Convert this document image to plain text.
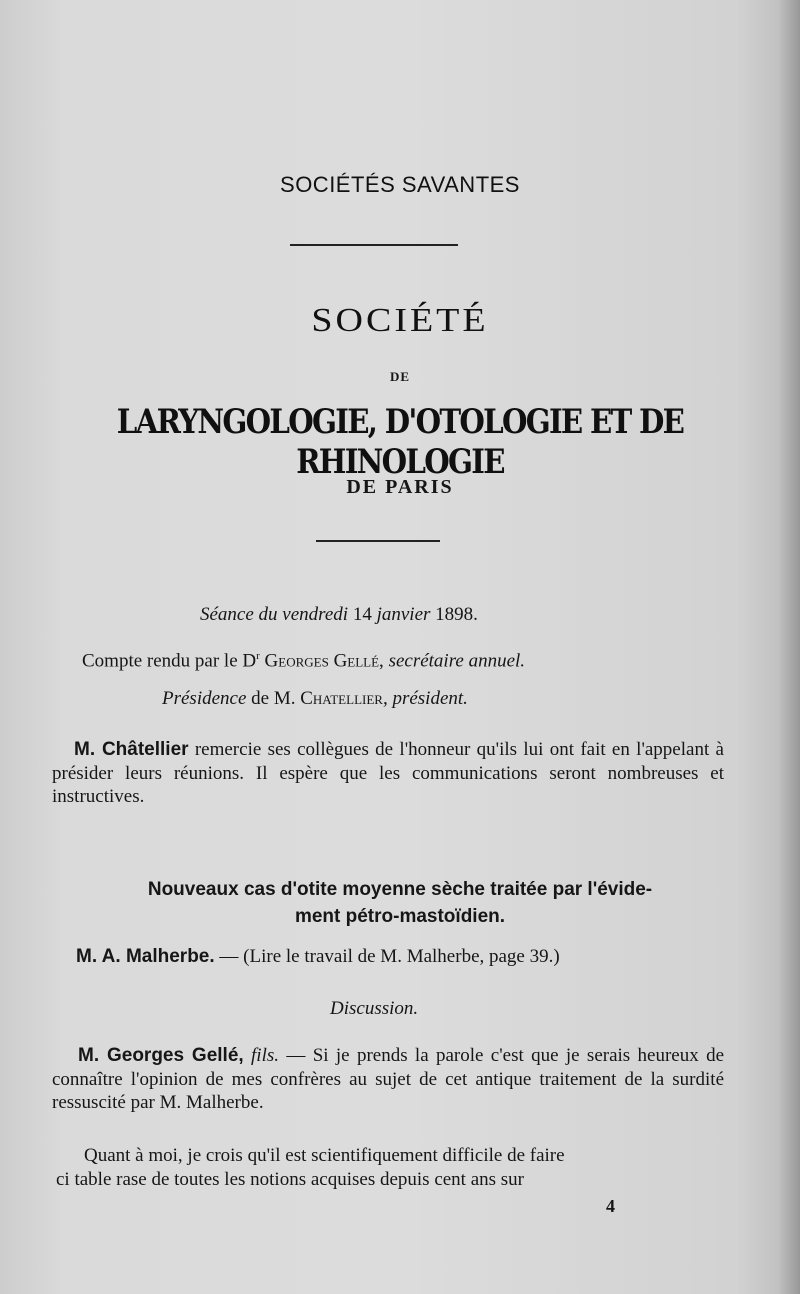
SOCIÉTÉS SAVANTES
SOCIÉTÉ
DE
LARYNGOLOGIE, D'OTOLOGIE ET DE RHINOLOGIE
DE PARIS
Séance du vendredi 14 janvier 1898.
Compte rendu par le $D^r$ Georges Gellé, secrétaire annuel.
Présidence de M. Chatellier, président.
M. Châtellier remercie ses collègues de l'honneur qu'ils lui ont fait en l'appelant à présider leurs réunions. Il espère que les communications seront nombreuses et instructives.
Nouveaux cas d'otite moyenne sèche traitée par l'évide-
ment pétro-mastoïdien.
M. A. Malherbe. — (Lire le travail de M. Malherbe, page 39.)
Discussion.
M. Georges Gellé, fils. — Si je prends la parole c'est que je serais heureux de connaître l'opinion de mes confrères au sujet de cet antique traitement de la surdité ressuscité par M. Malherbe.
Quant à moi, je crois qu'il est scientifiquement difficile de faire
ci table rase de toutes les notions acquises depuis cent ans sur
4
